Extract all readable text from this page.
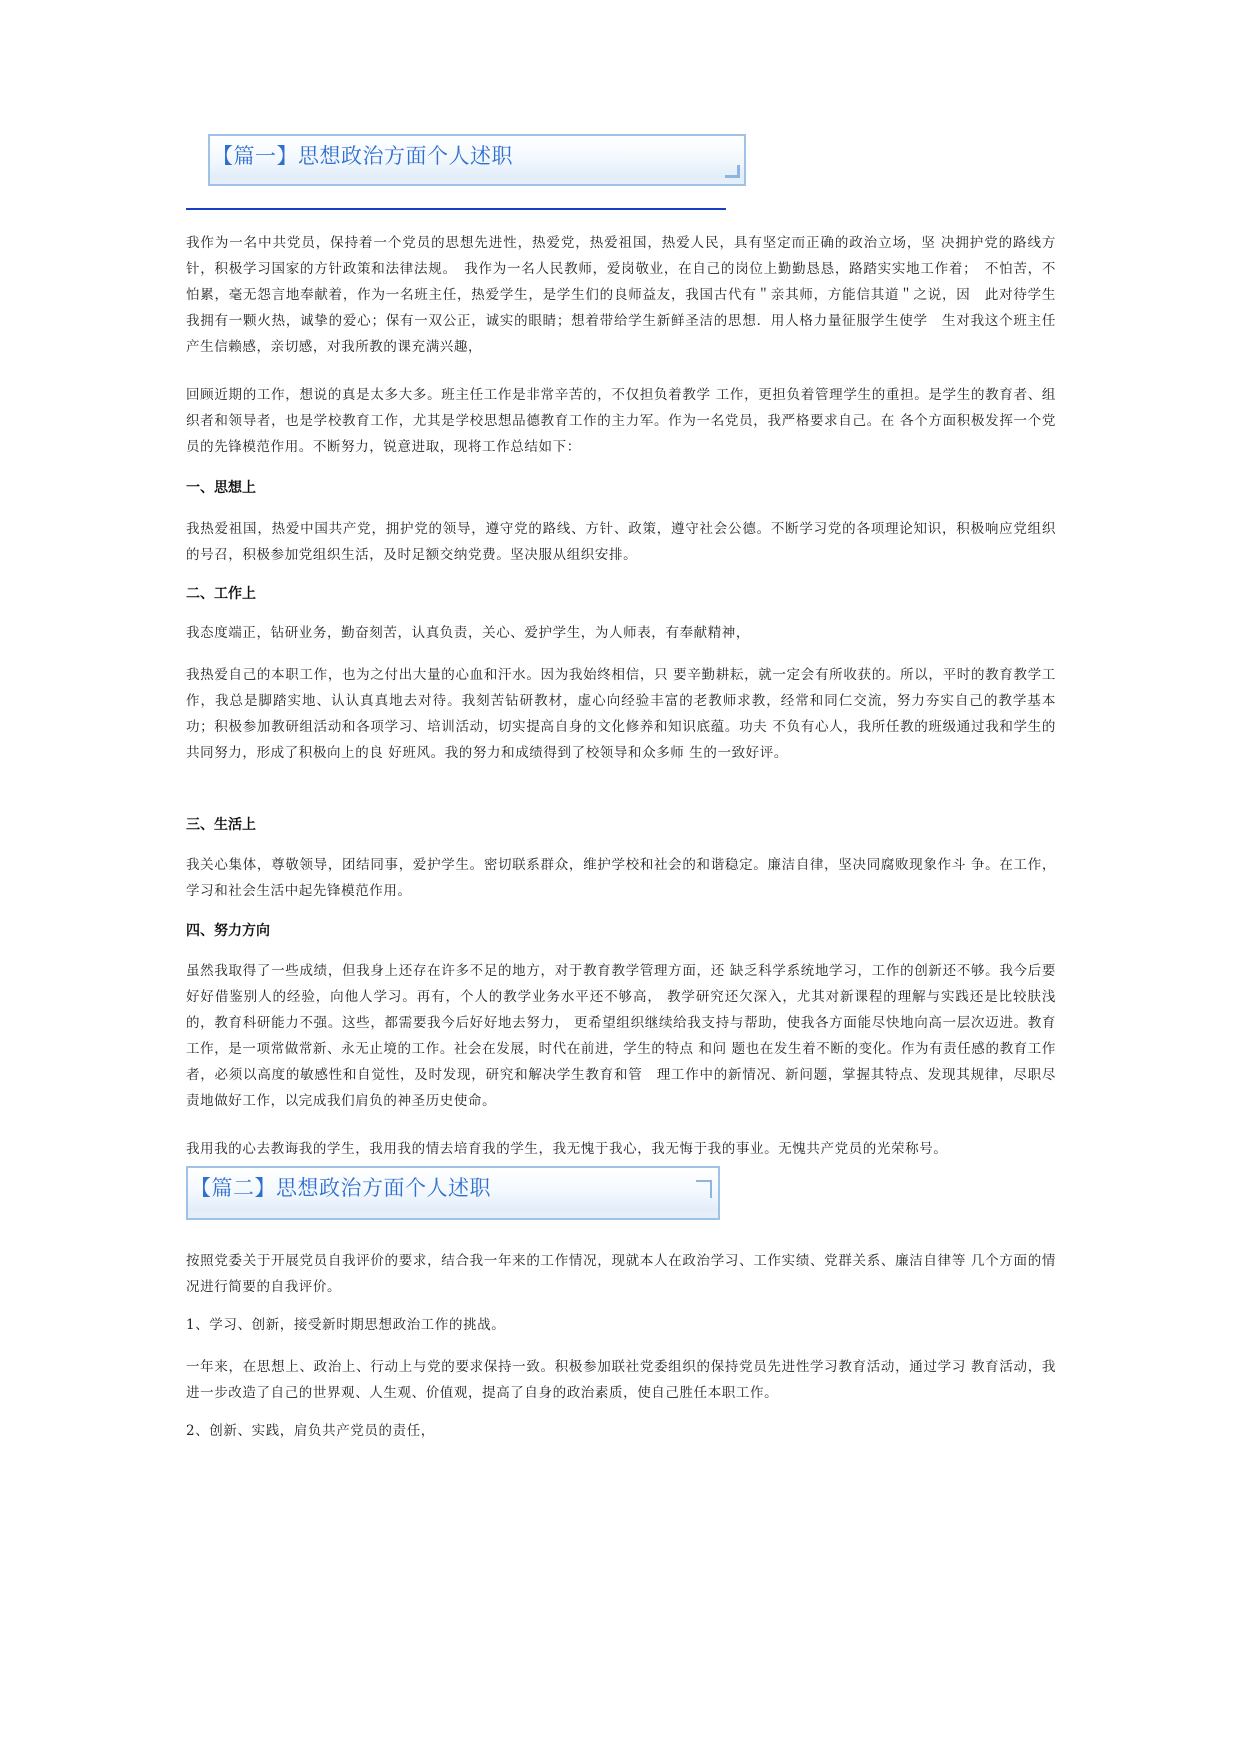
【篇一】思想政治方面个人述职

我作为一名中共党员，保持着一个党员的思想先进性，热爱党，热爱祖国，热爱人民，具有坚定而正确的政治立场，坚 决拥护党的路线方针，积极学习国家的方针政策和法律法规。　我作为一名人民教师，爱岗敬业，在自己的岗位上勤勤恳恳，路踏实实地工作着；　不怕苦，不怕累，毫无怨言地奉献着，作为一名班主任，热爱学生，是学生们的良师益友，我国古代有＂亲其师，方能信其道＂之说，因　此对待学生我拥有一颗火热，诚挚的爱心；保有一双公正，诚实的眼睛；想着带给学生新鲜圣洁的思想．用人格力量征服学生使学　生对我这个班主任产生信赖感，亲切感，对我所教的课充满兴趣，

回顾近期的工作，想说的真是太多大多。班主任工作是非常辛苦的，不仅担负着教学 工作，更担负着管理学生的重担。是学生的教育者、组织者和领导者，也是学校教育工作，尤其是学校思想品德教育工作的主力军。作为一名党员，我严格要求自己。在 各个方面积极发挥一个党员的先锋模范作用。不断努力，锐意进取，现将工作总结如下：

一、思想上

我热爱祖国，热爱中国共产党，拥护党的领导，遵守党的路线、方针、政策，遵守社会公德。不断学习党的各项理论知识，积极响应党组织的号召，积极参加党组织生活，及时足额交纳党费。坚决服从组织安排。

二、工作上

我态度端正，钻研业务，勤奋刻苦，认真负责，关心、爱护学生，为人师表，有奉献精神，

我热爱自己的本职工作，也为之付出大量的心血和汗水。因为我始终相信，只 要辛勤耕耘，就一定会有所收获的。所以，平时的教育教学工作，我总是脚踏实地、认认真真地去对待。我刻苦钻研教材，虚心向经验丰富的老教师求教，经常和同仁交流，努力夯实自己的教学基本功；积极参加教研组活动和各项学习、培训活动，切实提高自身的文化修养和知识底蕴。功夫 不负有心人，我所任教的班级通过我和学生的共同努力，形成了积极向上的良 好班风。我的努力和成绩得到了校领导和众多师 生的一致好评。

三、生活上

我关心集体，尊敬领导，团结同事，爱护学生。密切联系群众，维护学校和社会的和谐稳定。廉洁自律，坚决同腐败现象作斗 争。在工作，学习和社会生活中起先锋模范作用。

四、努力方向

虽然我取得了一些成绩，但我身上还存在许多不足的地方，对于教育教学管理方面，还 缺乏科学系统地学习，工作的创新还不够。我今后要好好借鉴别人的经验，向他人学习。再有，个人的教学业务水平还不够高， 教学研究还欠深入，尤其对新课程的理解与实践还是比较肤浅的，教育科研能力不强。这些，都需要我今后好好地去努力， 更希望组织继续给我支持与帮助，使我各方面能尽快地向高一层次迈进。教育工作，是一项常做常新、永无止境的工作。社会在发展，时代在前进，学生的特点 和问 题也在发生着不断的变化。作为有责任感的教育工作者，必须以高度的敏感性和自觉性，及时发现，研究和解决学生教育和管　理工作中的新情况、新问题，掌握其特点、发现其规律，尽职尽责地做好工作，以完成我们肩负的神圣历史使命。

我用我的心去教诲我的学生，我用我的情去培育我的学生，我无愧于我心，我无悔于我的事业。无愧共产党员的光荣称号。

【篇二】思想政治方面个人述职

按照党委关于开展党员自我评价的要求，结合我一年来的工作情况，现就本人在政治学习、工作实绩、党群关系、廉洁自律等 几个方面的情况进行简要的自我评价。

1、学习、创新，接受新时期思想政治工作的挑战。

一年来，在思想上、政治上、行动上与党的要求保持一致。积极参加联社党委组织的保持党员先进性学习教育活动，通过学习 教育活动，我进一步改造了自己的世界观、人生观、价值观，提高了自身的政治素质，使自己胜任本职工作。

2、创新、实践，肩负共产党员的责任，
